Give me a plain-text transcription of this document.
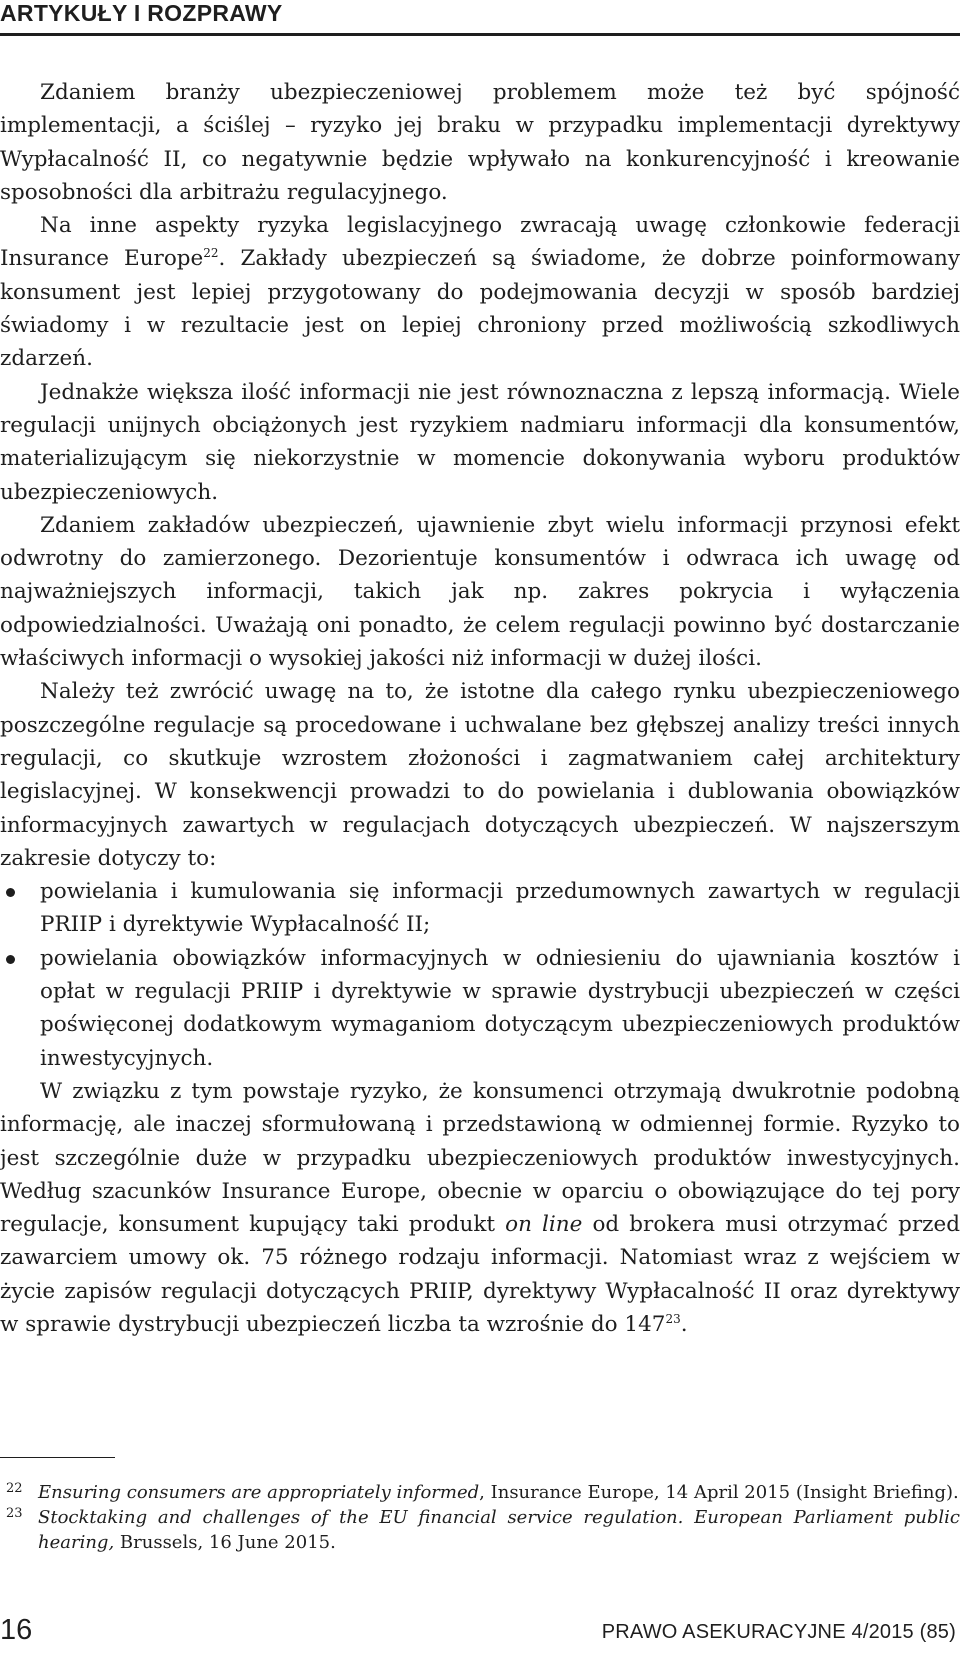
ARTYKUŁY I ROZPRAWY

Zdaniem branży ubezpieczeniowej problemem może też być spójność implementacji, a ściślej – ryzyko jej braku w przypadku implementacji dyrektywy Wypłacalność II, co negatywnie będzie wpływało na konkurencyjność i kreowanie sposobności dla arbitrażu regulacyjnego.

Na inne aspekty ryzyka legislacyjnego zwracają uwagę członkowie federacji Insurance Europe$^{22}$. Zakłady ubezpieczeń są świadome, że dobrze poinformowany konsument jest lepiej przygotowany do podejmowania decyzji w sposób bardziej świadomy i w rezultacie jest on lepiej chroniony przed możliwością szkodliwych zdarzeń.

Jednakże większa ilość informacji nie jest równoznaczna z lepszą informacją. Wiele regulacji unijnych obciążonych jest ryzykiem nadmiaru informacji dla konsumentów, materializującym się niekorzystnie w momencie dokonywania wyboru produktów ubezpieczeniowych.

Zdaniem zakładów ubezpieczeń, ujawnienie zbyt wielu informacji przynosi efekt odwrotny do zamierzonego. Dezorientuje konsumentów i odwraca ich uwagę od najważniejszych informacji, takich jak np. zakres pokrycia i wyłączenia odpowiedzialności. Uważają oni ponadto, że celem regulacji powinno być dostarczanie właściwych informacji o wysokiej jakości niż informacji w dużej ilości.

Należy też zwrócić uwagę na to, że istotne dla całego rynku ubezpieczeniowego poszczególne regulacje są procedowane i uchwalane bez głębszej analizy treści innych regulacji, co skutkuje wzrostem złożoności i zagmatwaniem całej architektury legislacyjnej. W konsekwencji prowadzi to do powielania i dublowania obowiązków informacyjnych zawartych w regulacjach dotyczących ubezpieczeń. W najszerszym zakresie dotyczy to:

powielania i kumulowania się informacji przedumownych zawartych w regulacji PRIIP i dyrektywie Wypłacalność II;
powielania obowiązków informacyjnych w odniesieniu do ujawniania kosztów i opłat w regulacji PRIIP i dyrektywie w sprawie dystrybucji ubezpieczeń w części poświęconej dodatkowym wymaganiom dotyczącym ubezpieczeniowych produktów inwestycyjnych.

W związku z tym powstaje ryzyko, że konsumenci otrzymają dwukrotnie podobną informację, ale inaczej sformułowaną i przedstawioną w odmiennej formie. Ryzyko to jest szczególnie duże w przypadku ubezpieczeniowych produktów inwestycyjnych. Według szacunków Insurance Europe, obecnie w oparciu o obowiązujące do tej pory regulacje, konsument kupujący taki produkt on line od brokera musi otrzymać przed zawarciem umowy ok. 75 różnego rodzaju informacji. Natomiast wraz z wejściem w życie zapisów regulacji dotyczących PRIIP, dyrektywy Wypłacalność II oraz dyrektywy w sprawie dystrybucji ubezpieczeń liczba ta wzrośnie do $147^{23}$.

22 Ensuring consumers are appropriately informed, Insurance Europe, 14 April 2015 (Insight Briefing).
23 Stocktaking and challenges of the EU financial service regulation. European Parliament public hearing, Brussels, 16 June 2015.
16	PRAWO ASEKURACYJNE 4/2015 (85)
